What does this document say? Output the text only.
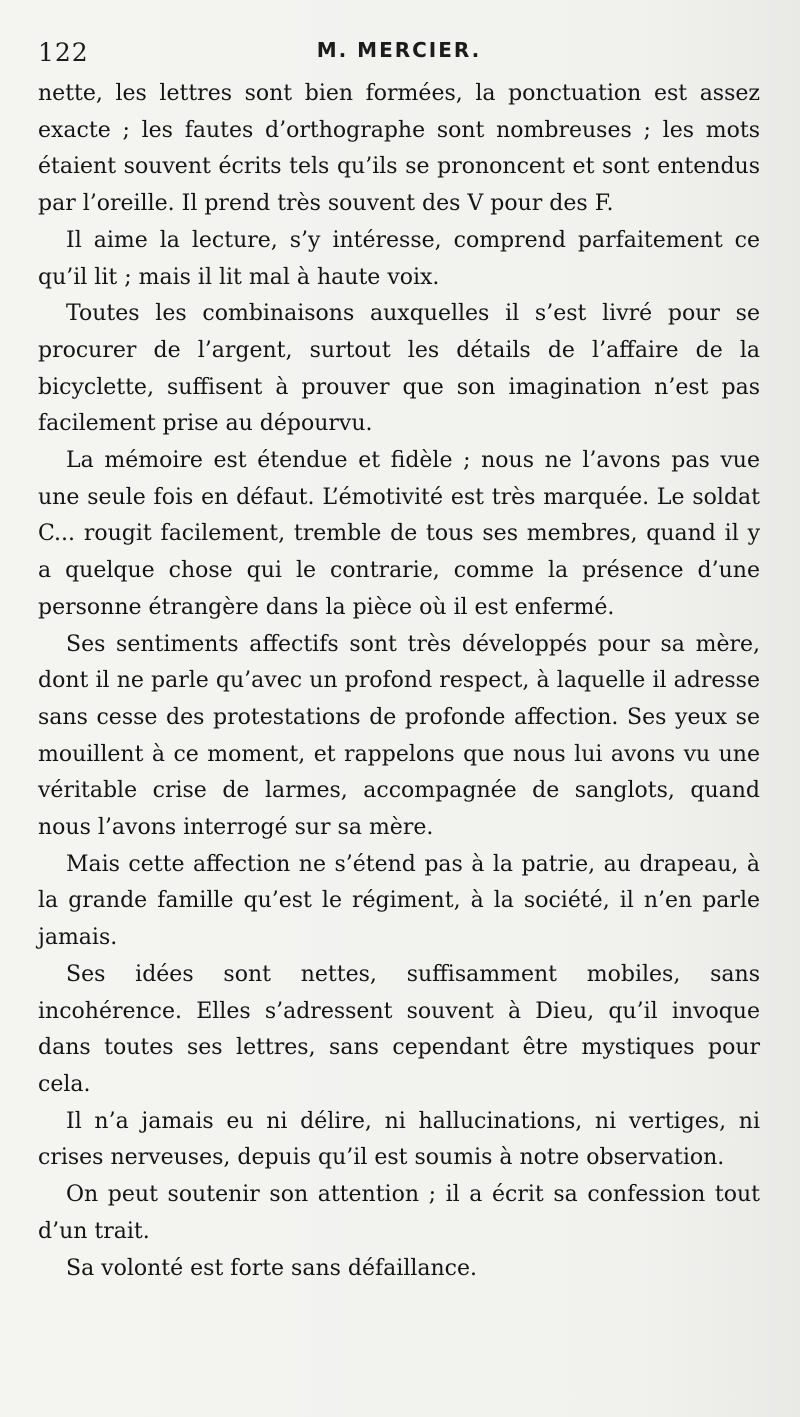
122	M. MERCIER.

nette, les lettres sont bien formées, la ponctuation est assez exacte ; les fautes d’orthographe sont nombreuses ; les mots étaient souvent écrits tels qu’ils se prononcent et sont entendus par l’oreille. Il prend très souvent des V pour des F.

Il aime la lecture, s’y intéresse, comprend parfaitement ce qu’il lit ; mais il lit mal à haute voix.

Toutes les combinaisons auxquelles il s’est livré pour se procurer de l’argent, surtout les détails de l’affaire de la bicyclette, suffisent à prouver que son imagination n’est pas facilement prise au dépourvu.

La mémoire est étendue et fidèle ; nous ne l’avons pas vue une seule fois en défaut. L’émotivité est très marquée. Le soldat C... rougit facilement, tremble de tous ses membres, quand il y a quelque chose qui le contrarie, comme la présence d’une personne étrangère dans la pièce où il est enfermé.

Ses sentiments affectifs sont très développés pour sa mère, dont il ne parle qu’avec un profond respect, à laquelle il adresse sans cesse des protestations de profonde affection. Ses yeux se mouillent à ce moment, et rappelons que nous lui avons vu une véritable crise de larmes, accompagnée de sanglots, quand nous l’avons interrogé sur sa mère.

Mais cette affection ne s’étend pas à la patrie, au drapeau, à la grande famille qu’est le régiment, à la société, il n’en parle jamais.

Ses idées sont nettes, suffisamment mobiles, sans incohérence. Elles s’adressent souvent à Dieu, qu’il invoque dans toutes ses lettres, sans cependant être mystiques pour cela.

Il n’a jamais eu ni délire, ni hallucinations, ni vertiges, ni crises nerveuses, depuis qu’il est soumis à notre observation.

On peut soutenir son attention ; il a écrit sa confession tout d’un trait.

Sa volonté est forte sans défaillance.
